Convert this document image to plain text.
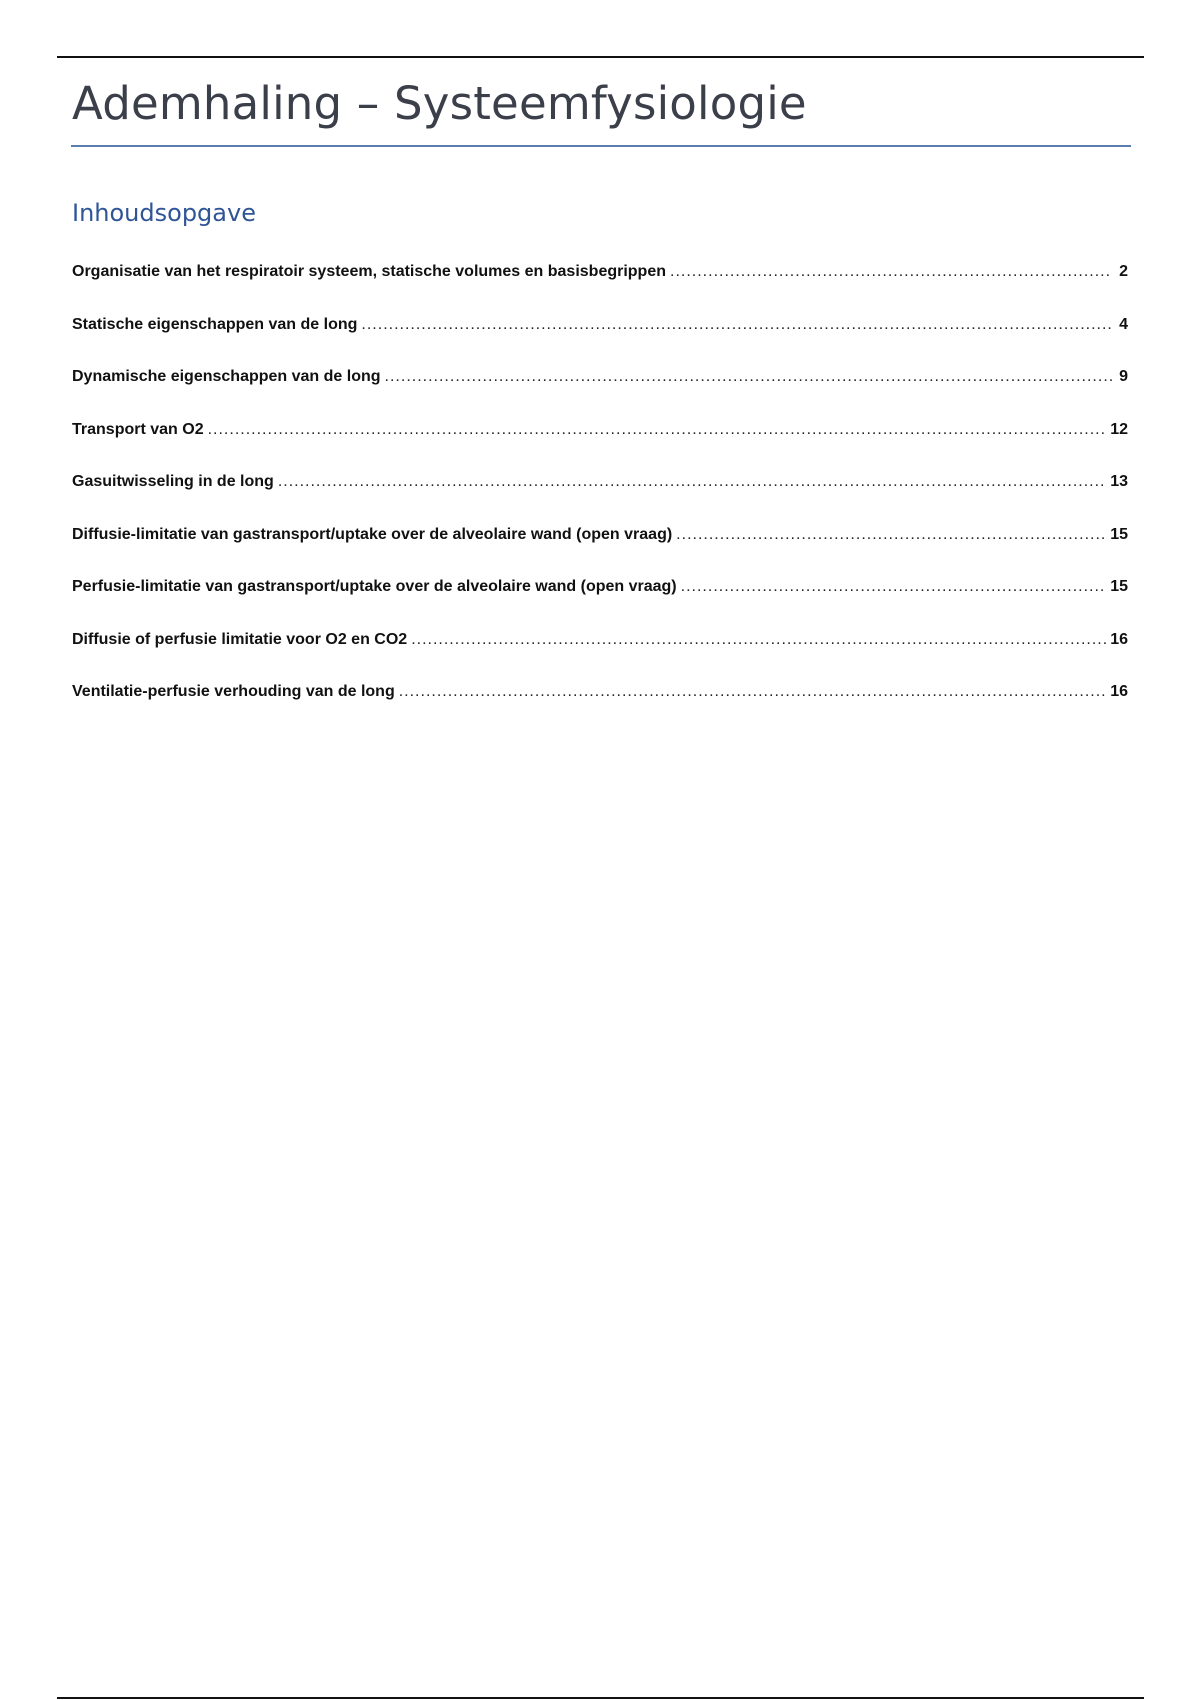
Ademhaling – Systeemfysiologie
Inhoudsopgave
Organisatie van het respiratoir systeem, statische volumes en basisbegrippen .....	2
Statische eigenschappen van de long .....	4
Dynamische eigenschappen van de long .....	9
Transport van O2 .....	12
Gasuitwisseling in de long .....	13
Diffusie-limitatie van gastransport/uptake over de alveolaire wand (open vraag) .....	15
Perfusie-limitatie van gastransport/uptake over de alveolaire wand (open vraag) .....	15
Diffusie of perfusie limitatie voor O2 en CO2 .....	16
Ventilatie-perfusie verhouding van de long .....	16
